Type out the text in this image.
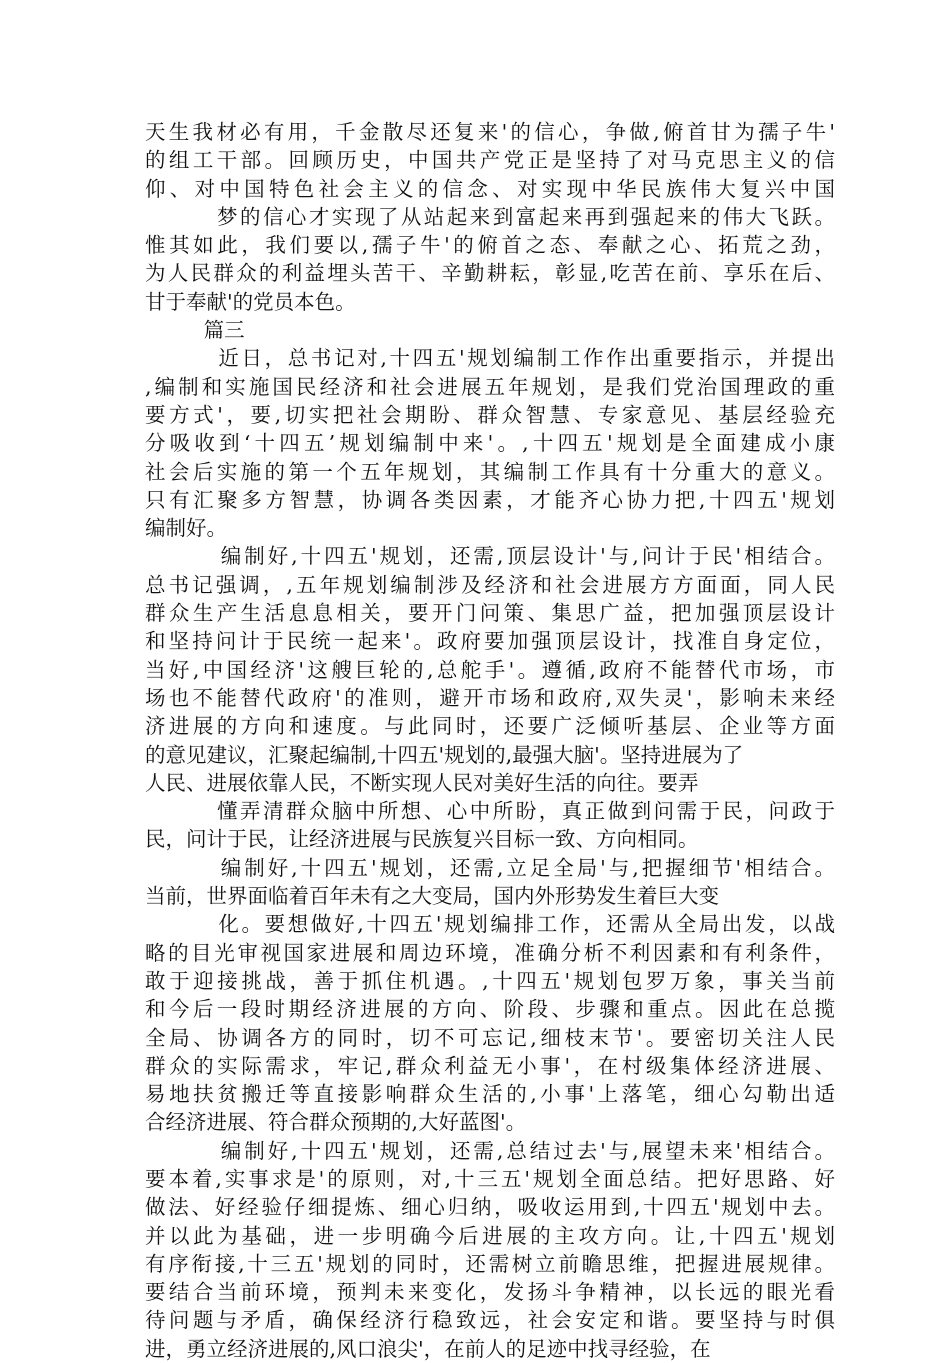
天生我材必有用，千金散尽还复来'的信心，争做,俯首甘为孺子牛'
的组工干部。回顾历史，中国共产党正是坚持了对马克思主义的信
仰、对中国特色社会主义的信念、对实现中华民族伟大复兴中国
梦的信心才实现了从站起来到富起来再到强起来的伟大飞跃。
惟其如此，我们要以,孺子牛'的俯首之态、奉献之心、拓荒之劲，
为人民群众的利益埋头苦干、辛勤耕耘，彰显,吃苦在前、享乐在后、
甘于奉献'的党员本色。
篇三
近日，总书记对,十四五'规划编制工作作出重要指示，并提出
,编制和实施国民经济和社会进展五年规划，是我们党治国理政的重
要方式'，要,切实把社会期盼、群众智慧、专家意见、基层经验充
分吸收到‘十四五’规划编制中来'。,十四五'规划是全面建成小康
社会后实施的第一个五年规划，其编制工作具有十分重大的意义。
只有汇聚多方智慧，协调各类因素，才能齐心协力把,十四五'规划
编制好。
编制好,十四五'规划，还需,顶层设计'与,问计于民'相结合。
总书记强调，,五年规划编制涉及经济和社会进展方方面面，同人民
群众生产生活息息相关，要开门问策、集思广益，把加强顶层设计
和坚持问计于民统一起来'。政府要加强顶层设计，找准自身定位，
当好,中国经济'这艘巨轮的,总舵手'。遵循,政府不能替代市场，市
场也不能替代政府'的准则，避开市场和政府,双失灵'，影响未来经
济进展的方向和速度。与此同时，还要广泛倾听基层、企业等方面
的意见建议，汇聚起编制,十四五'规划的,最强大脑'。坚持进展为了
人民、进展依靠人民，不断实现人民对美好生活的向往。要弄
懂弄清群众脑中所想、心中所盼，真正做到问需于民，问政于
民，问计于民，让经济进展与民族复兴目标一致、方向相同。
编制好,十四五'规划，还需,立足全局'与,把握细节'相结合。
当前，世界面临着百年未有之大变局，国内外形势发生着巨大变
化。要想做好,十四五'规划编排工作，还需从全局出发，以战
略的目光审视国家进展和周边环境，准确分析不利因素和有利条件，
敢于迎接挑战，善于抓住机遇。,十四五'规划包罗万象，事关当前
和今后一段时期经济进展的方向、阶段、步骤和重点。因此在总揽
全局、协调各方的同时，切不可忘记,细枝末节'。要密切关注人民
群众的实际需求，牢记,群众利益无小事'，在村级集体经济进展、
易地扶贫搬迁等直接影响群众生活的,小事'上落笔，细心勾勒出适
合经济进展、符合群众预期的,大好蓝图'。
编制好,十四五'规划，还需,总结过去'与,展望未来'相结合。
要本着,实事求是'的原则，对,十三五'规划全面总结。把好思路、好
做法、好经验仔细提炼、细心归纳，吸收运用到,十四五'规划中去。
并以此为基础，进一步明确今后进展的主攻方向。让,十四五'规划
有序衔接,十三五'规划的同时，还需树立前瞻思维，把握进展规律。
要结合当前环境，预判未来变化，发扬斗争精神，以长远的眼光看
待问题与矛盾，确保经济行稳致远，社会安定和谐。要坚持与时俱
进，勇立经济进展的,风口浪尖'，在前人的足迹中找寻经验，在
